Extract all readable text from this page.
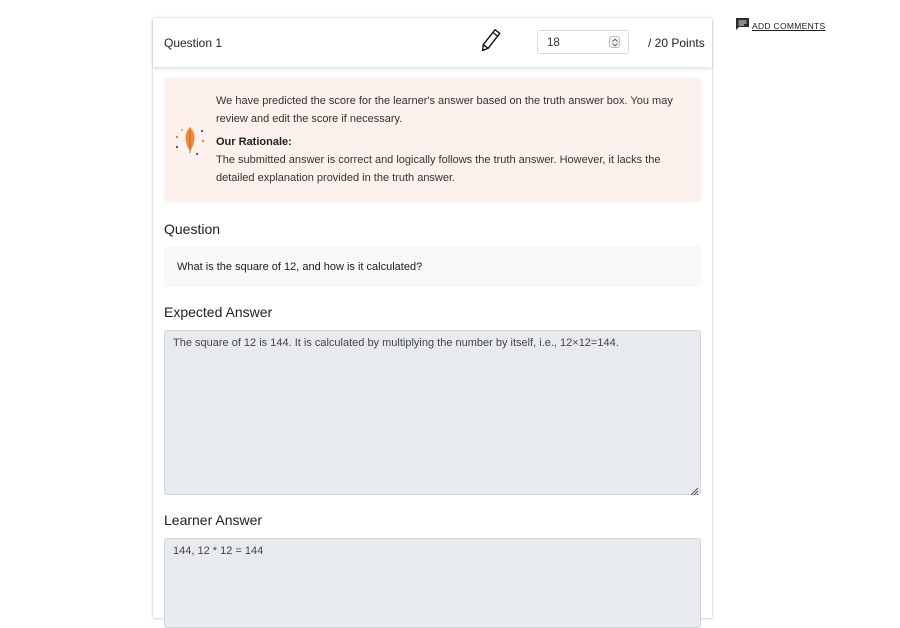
Question 1	18	/ 20 Points

We have predicted the score for the learner's answer based on the truth answer box. You may review and edit the score if necessary.

Our Rationale:

The submitted answer is correct and logically follows the truth answer. However, it lacks the detailed explanation provided in the truth answer.

Question
What is the square of 12, and how is it calculated?
Expected Answer
The square of 12 is 144. It is calculated by multiplying the number by itself, i.e., 12×12=144.
Learner Answer
144, 12 * 12 = 144
ADD COMMENTS
